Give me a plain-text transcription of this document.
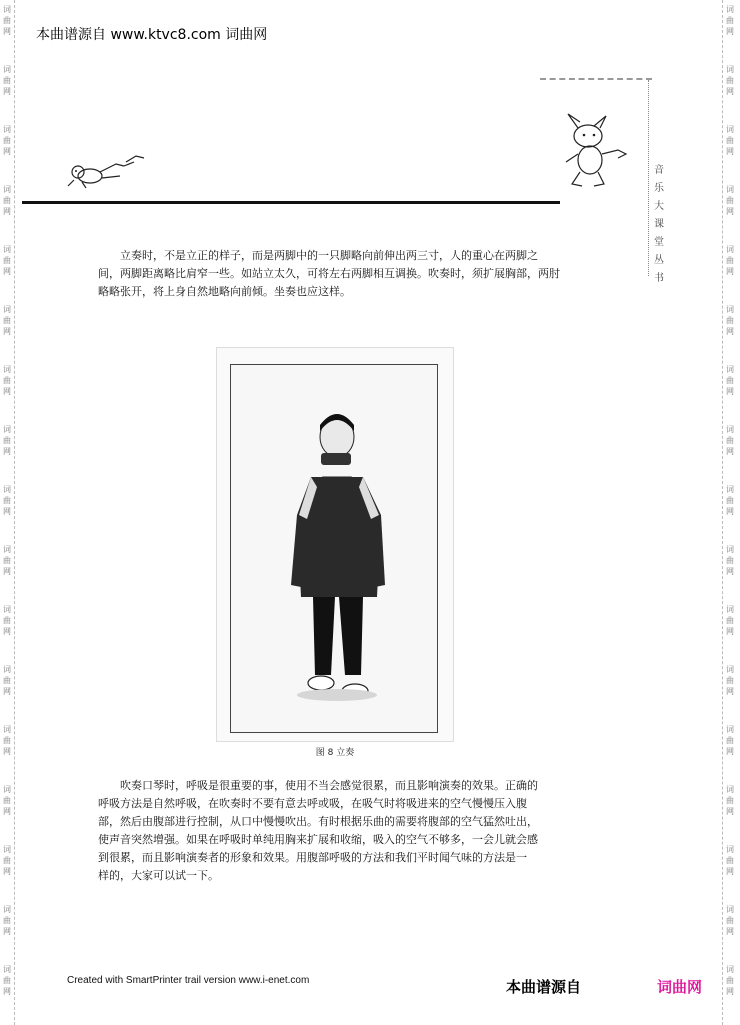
词
曲
网
词
曲
网
词
曲
网
词
曲
网
词
曲
网
词
曲
网
词
曲
网
词
曲
网
词
曲
网
词
曲
网
词
曲
网
词
曲
网
词
曲
网
词
曲
网
词
曲
网
词
曲
网
词
曲
网
词
曲
网
词
曲
网
词
曲
网
词
曲
网
词
曲
网
词
曲
网
词
曲
网
词
曲
网
词
曲
网
词
曲
网
词
曲
网
词
曲
网
词
曲
网
词
曲
网
词
曲
网
词
曲
网
词
曲
网
本曲谱源自 www.ktvc8.com 词曲网
音
乐
大
课
堂
丛
书
立奏时，不是立正的样子，而是两脚中的一只脚略向前伸出两三寸，人的重心在两脚之
间，两脚距离略比肩窄一些。如站立太久，可将左右两脚相互调换。吹奏时，须扩展胸部，两肘
略略张开，将上身自然地略向前倾。坐奏也应这样。
图 8 立奏
吹奏口琴时，呼吸是很重要的事，使用不当会感觉很累，而且影响演奏的效果。正确的
呼吸方法是自然呼吸，在吹奏时不要有意去呼或吸，在吸气时将吸进来的空气慢慢压入腹
部，然后由腹部进行控制，从口中慢慢吹出。有时根据乐曲的需要将腹部的空气猛然吐出，
使声音突然增强。如果在呼吸时单纯用胸来扩展和收缩，吸入的空气不够多，一会儿就会感
到很累，而且影响演奏者的形象和效果。用腹部呼吸的方法和我们平时闻气味的方法是一
样的，大家可以试一下。
Created with SmartPrinter trail version www.i-enet.com	本曲谱源自	词曲网
